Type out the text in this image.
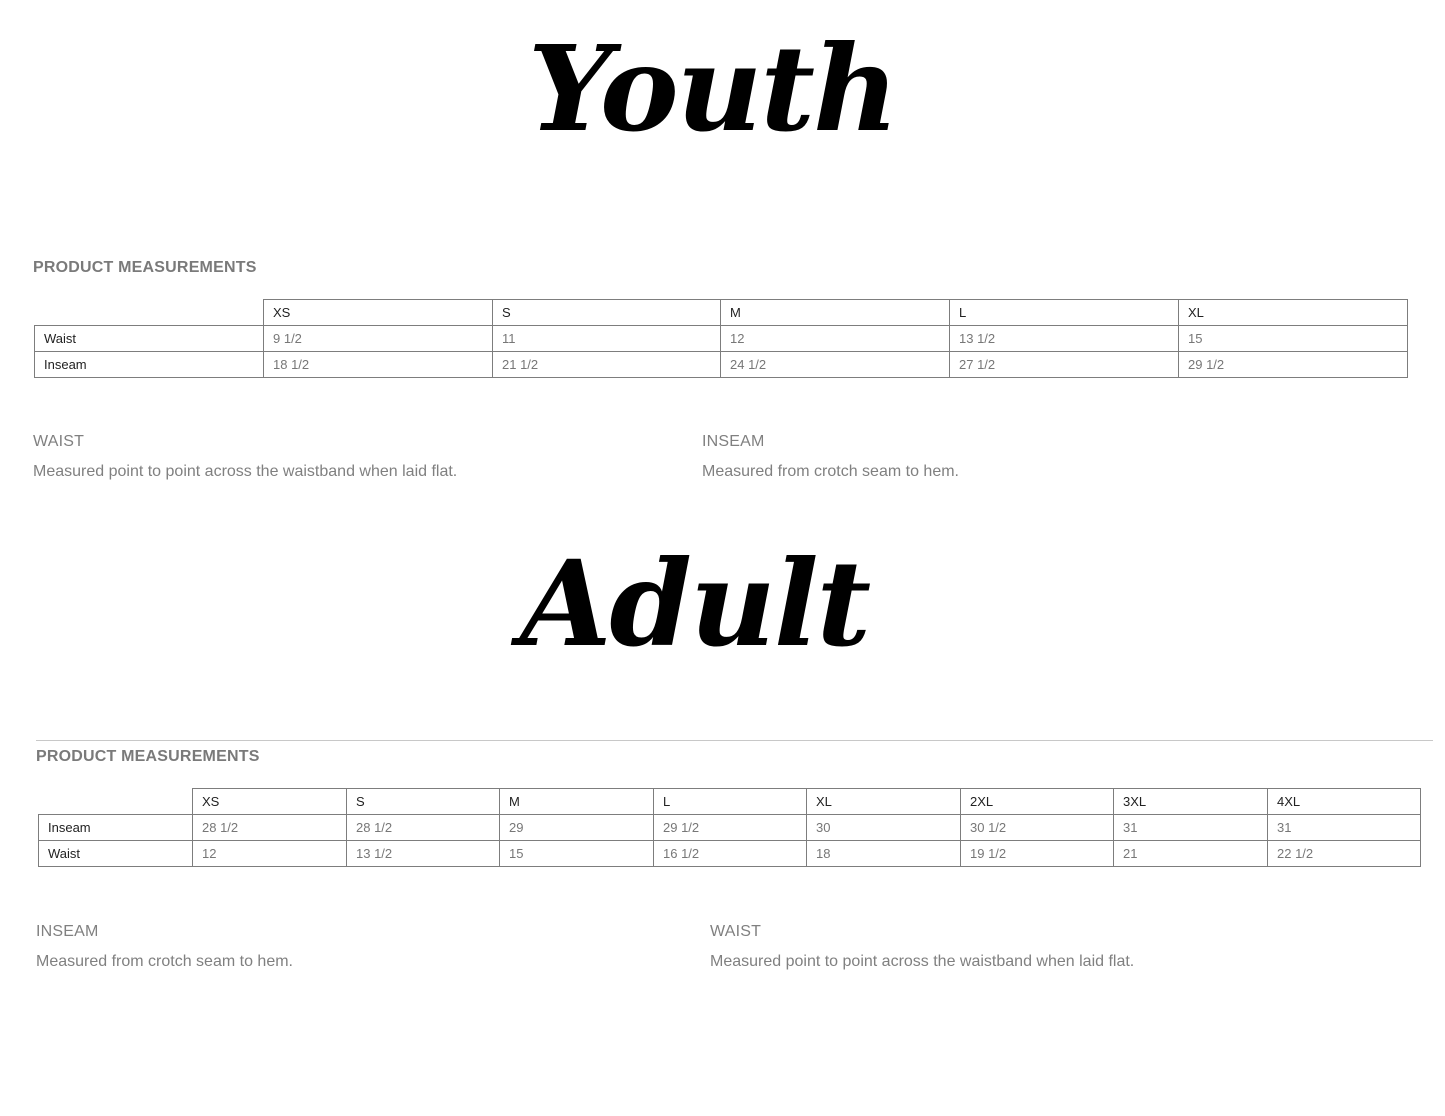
Youth
PRODUCT MEASUREMENTS
	XS	S	M	L	XL
Waist	9 1/2	11	12	13 1/2	15
Inseam	18 1/2	21 1/2	24 1/2	27 1/2	29 1/2
WAIST
Measured point to point across the waistband when laid flat.
INSEAM
Measured from crotch seam to hem.
Adult
PRODUCT MEASUREMENTS
	XS	S	M	L	XL	2XL	3XL	4XL
Inseam	28 1/2	28 1/2	29	29 1/2	30	30 1/2	31	31
Waist	12	13 1/2	15	16 1/2	18	19 1/2	21	22 1/2
INSEAM
Measured from crotch seam to hem.
WAIST
Measured point to point across the waistband when laid flat.
